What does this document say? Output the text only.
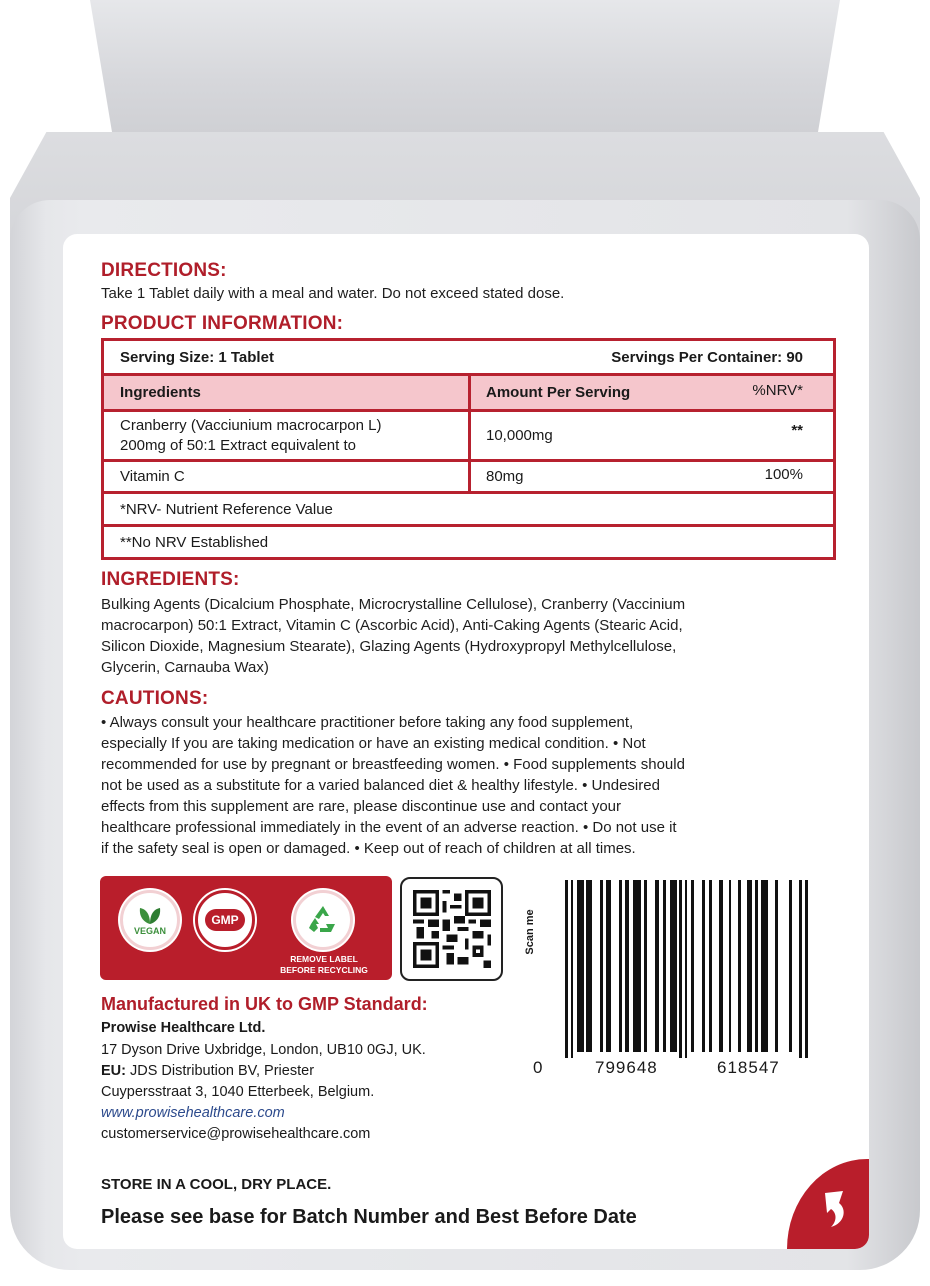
DIRECTIONS:
Take 1 Tablet daily with a meal and water. Do not exceed stated dose.
PRODUCT INFORMATION:
Serving Size: 1 Tablet	Servings Per Container: 90
Ingredients	Amount Per Serving	%NRV*
Cranberry (Vacciunium macrocarpon L)
200mg of 50:1 Extract equivalent to
10,000mg	**
Vitamin C	80mg	100%
*NRV- Nutrient Reference Value
**No NRV Established
INGREDIENTS:
Bulking Agents (Dicalcium Phosphate, Microcrystalline Cellulose), Cranberry (Vaccinium
macrocarpon) 50:1 Extract, Vitamin C (Ascorbic Acid), Anti-Caking Agents (Stearic Acid,
Silicon Dioxide, Magnesium Stearate), Glazing Agents (Hydroxypropyl Methylcellulose,
Glycerin, Carnauba Wax)
CAUTIONS:
• Always consult your healthcare practitioner before taking any food supplement,
especially If you are taking medication or have an existing medical condition. • Not
recommended for use by pregnant or breastfeeding women. • Food supplements should
not be used as a substitute for a varied balanced diet & healthy lifestyle. • Undesired
effects from this supplement are rare, please discontinue use and contact your
healthcare professional immediately in the event of an adverse reaction. • Do not use it
if the safety seal is open or damaged. • Keep out of reach of children at all times.
VEGAN
GMP
REMOVE LABEL
BEFORE RECYCLING
Scan me
0	799648	618547
Manufactured in UK to GMP Standard:
Prowise Healthcare Ltd.
17 Dyson Drive Uxbridge, London, UB10 0GJ, UK.
EU: JDS Distribution BV, Priester
Cuypersstraat 3, 1040 Etterbeek, Belgium.
www.prowisehealthcare.com
customerservice@prowisehealthcare.com
STORE IN A COOL, DRY PLACE.
Please see base for Batch Number and Best Before Date
